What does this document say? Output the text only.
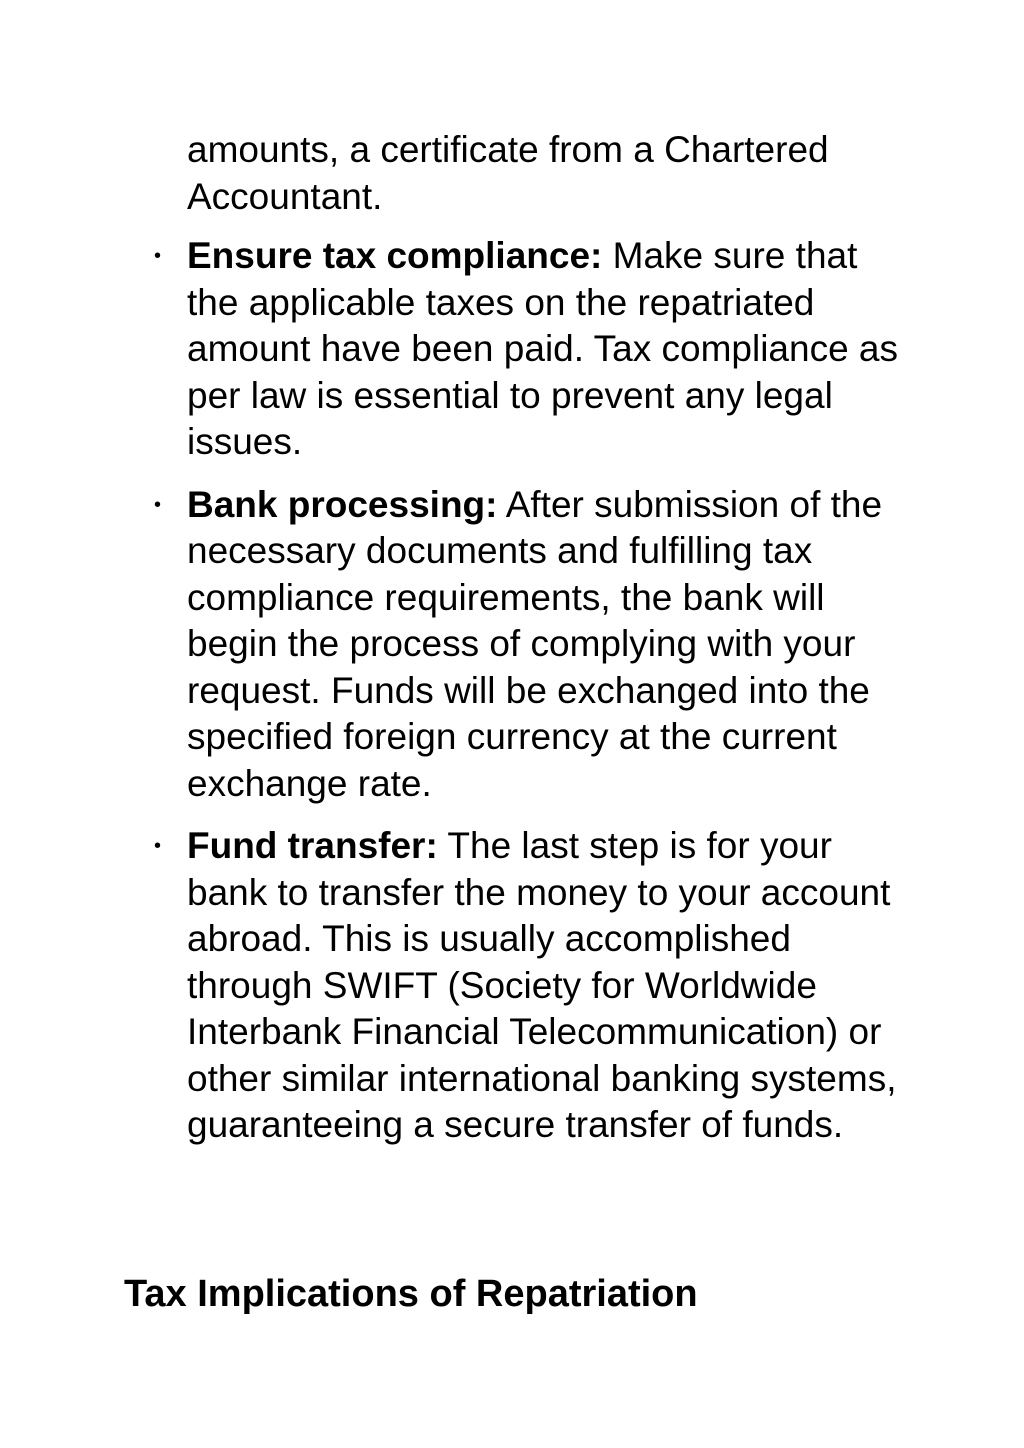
amounts, a certificate from a Chartered Accountant.

• Ensure tax compliance: Make sure that the applicable taxes on the repatriated amount have been paid. Tax compliance as per law is essential to prevent any legal issues.
• Bank processing: After submission of the necessary documents and fulfilling tax compliance requirements, the bank will begin the process of complying with your request. Funds will be exchanged into the specified foreign currency at the current exchange rate.
• Fund transfer: The last step is for your bank to transfer the money to your account abroad. This is usually accomplished through SWIFT (Society for Worldwide Interbank Financial Telecommunication) or other similar international banking systems, guaranteeing a secure transfer of funds.
Tax Implications of Repatriation
